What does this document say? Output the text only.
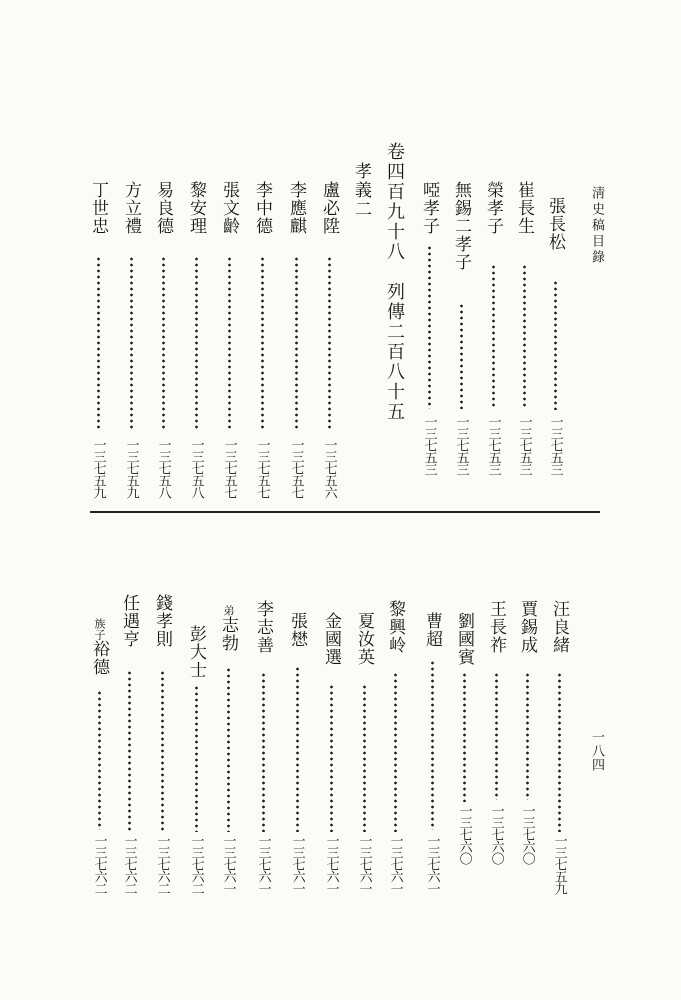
淸史稿目錄
一八四
張長松
一三七五三
崔長生
一三七五三
榮孝子
一三七五三
無錫二孝子
一三七五三
啞孝子
一三七五三
卷四百九十八　列傳二百八十五
孝義二
盧必陞
一三七五六
李應麒
一三七五七
李中德
一三七五七
張文齡
一三七五七
黎安理
一三七五八
易良德
一三七五八
方立禮
一三七五九
丁世忠
一三七五九
汪良緒
一三七五九
賈錫成
一三七六〇
王長祚
一三七六〇
劉國賓
一三七六〇
曹超
一三七六一
黎興岭
一三七六一
夏汝英
一三七六一
金國選
一三七六一
張𢡟
一三七六一
李志善
一三七六一
弟志勃
一三七六一
彭大士
一三七六二
錢孝則
一三七六二
任遇亨
一三七六二
族子裕德
一三七六二
